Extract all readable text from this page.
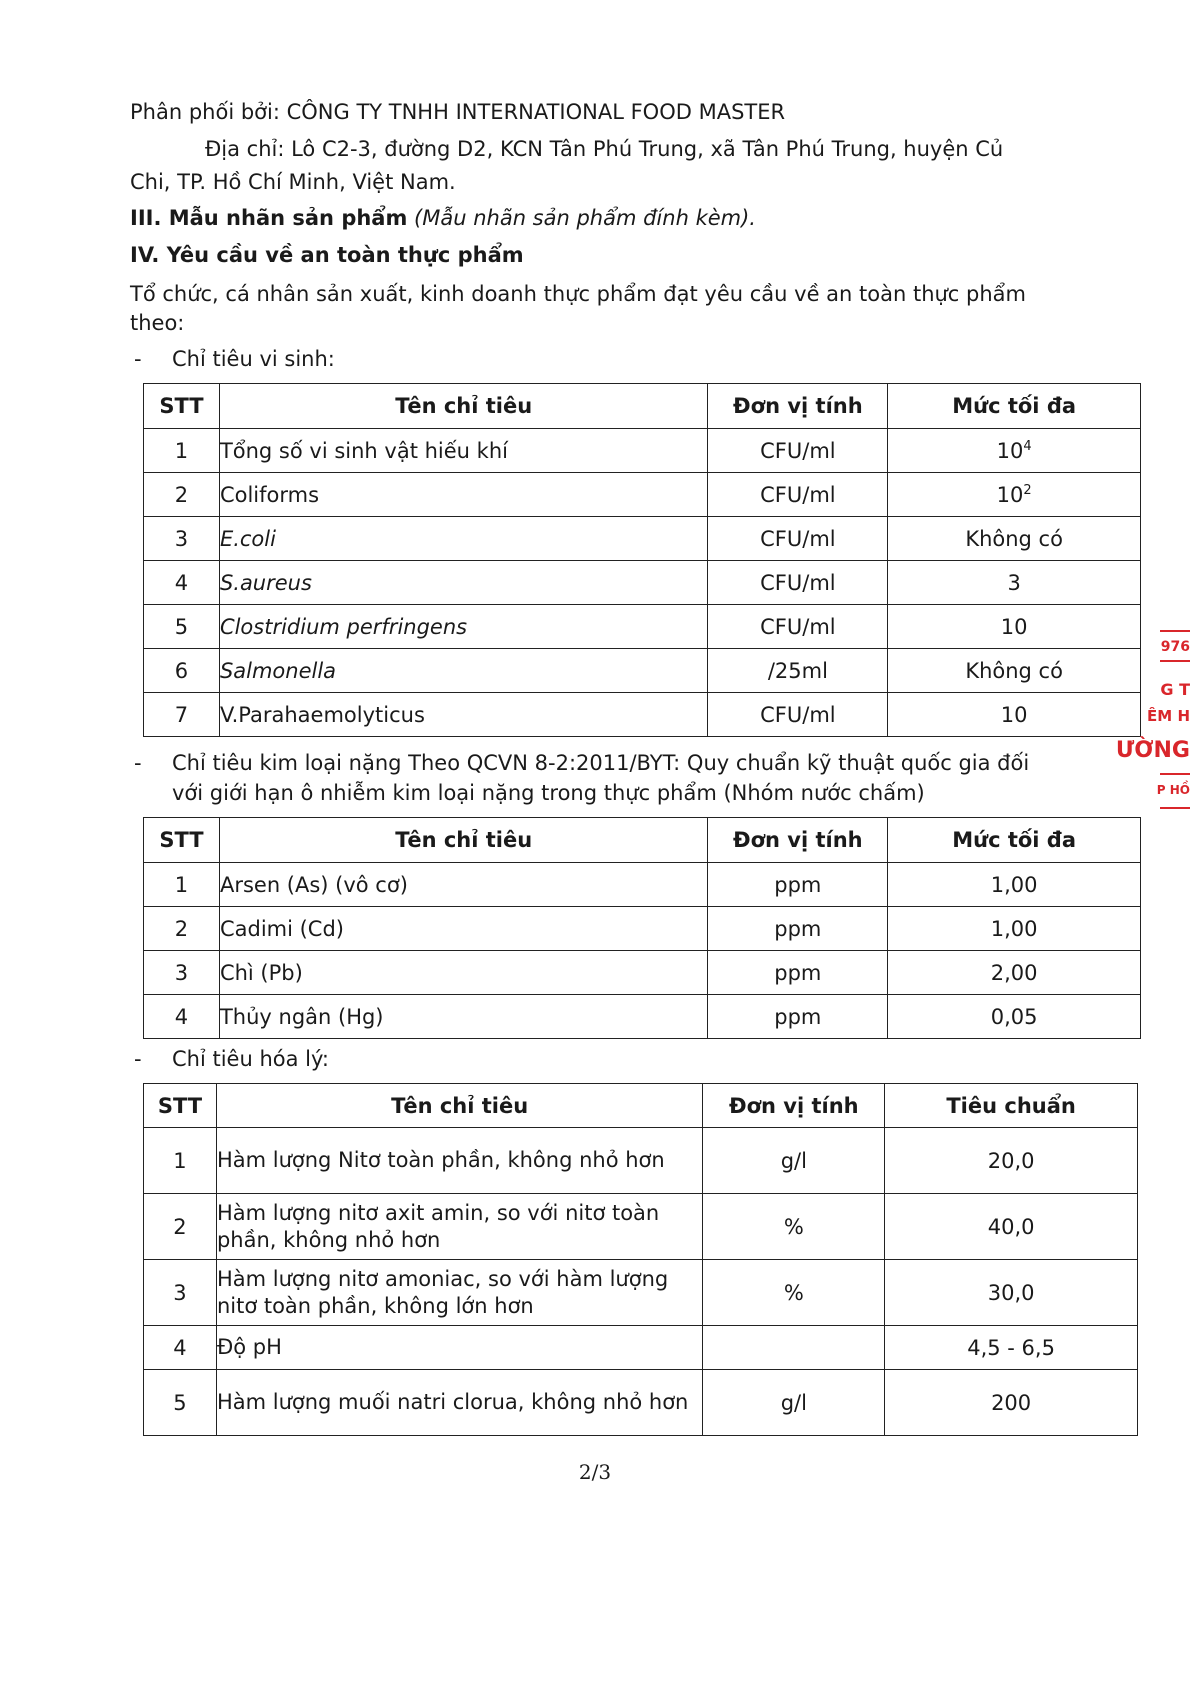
Phân phối bởi: CÔNG TY TNHH INTERNATIONAL FOOD MASTER
Địa chỉ: Lô C2-3, đường D2, KCN Tân Phú Trung, xã Tân Phú Trung, huyện Củ
Chi, TP. Hồ Chí Minh, Việt Nam.
III. Mẫu nhãn sản phẩm (Mẫu nhãn sản phẩm đính kèm).
IV. Yêu cầu về an toàn thực phẩm
Tổ chức, cá nhân sản xuất, kinh doanh thực phẩm đạt yêu cầu về an toàn thực phẩm
theo:
- Chỉ tiêu vi sinh:
STT	Tên chỉ tiêu	Đơn vị tính	Mức tối đa
1	Tổng số vi sinh vật hiếu khí	CFU/ml	$10^4$
2	Coliforms	CFU/ml	$10^2$
3	E.coli	CFU/ml	Không có
4	S.aureus	CFU/ml	3
5	Clostridium perfringens	CFU/ml	10
6	Salmonella	/25ml	Không có
7	V.Parahaemolyticus	CFU/ml	10
- Chỉ tiêu kim loại nặng Theo QCVN 8-2:2011/BYT: Quy chuẩn kỹ thuật quốc gia đối
với giới hạn ô nhiễm kim loại nặng trong thực phẩm (Nhóm nước chấm)
STT	Tên chỉ tiêu	Đơn vị tính	Mức tối đa
1	Arsen (As) (vô cơ)	ppm	1,00
2	Cadimi (Cd)	ppm	1,00
3	Chì (Pb)	ppm	2,00
4	Thủy ngân (Hg)	ppm	0,05
- Chỉ tiêu hóa lý:
STT	Tên chỉ tiêu	Đơn vị tính	Tiêu chuẩn
1	Hàm lượng Nitơ toàn phần, không nhỏ hơn	g/l	20,0
2	Hàm lượng nitơ axit amin, so với nitơ toàn phần, không nhỏ hơn	%	40,0
3	Hàm lượng nitơ amoniac, so với hàm lượng nitơ toàn phần, không lớn hơn	%	30,0
4	Độ pH		4,5 - 6,5
5	Hàm lượng muối natri clorua, không nhỏ hơn	g/l	200
2/3
976
G T
ÊM H
ƯỜNG
P HỒ
